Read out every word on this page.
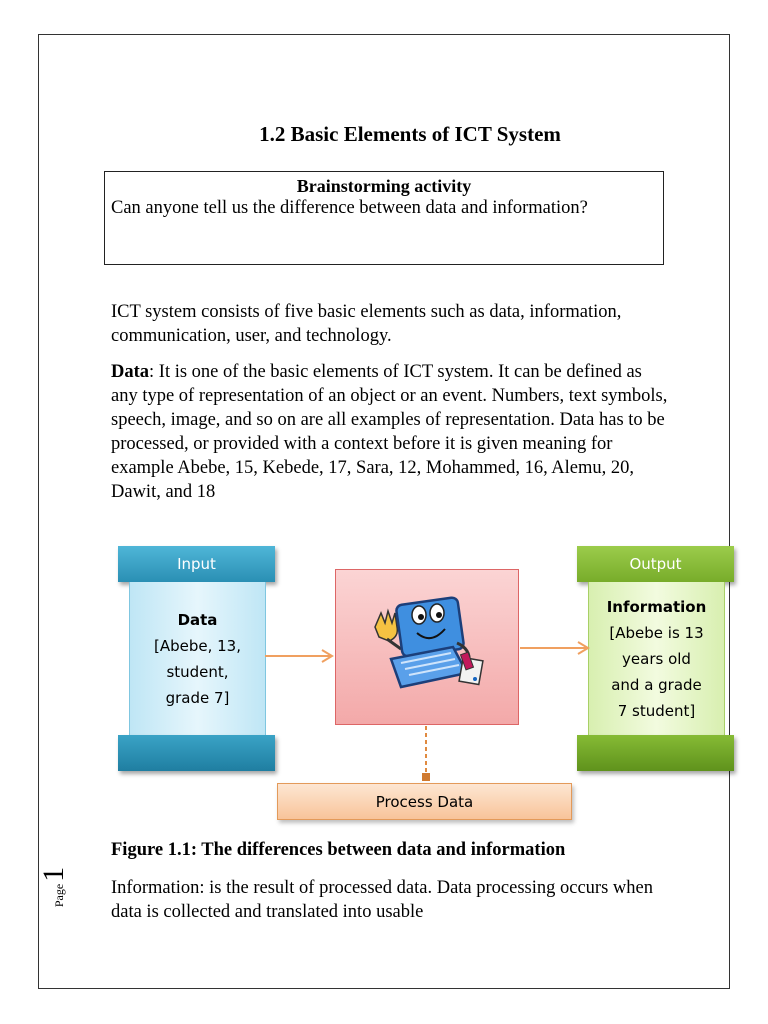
1.2 Basic Elements of ICT System
Brainstorming activity
Can anyone tell us the difference between data and information?

ICT system consists of five basic elements such as data, information, communication, user, and technology.

Data: It is one of the basic elements of ICT system. It can be defined as any type of representation of an object or an event. Numbers, text symbols, speech, image, and so on are all examples of representation. Data has to be processed, or provided with a context before it is given meaning for example Abebe, 15, Kebede, 17, Sara, 12, Mohammed, 16, Alemu, 20, Dawit, and 18

Input
Data
[Abebe, 13,
student,
grade 7]
Output
Information
[Abebe is 13
years old
and a grade
7 student]
Process Data

Figure 1.1: The differences between data and information

Information: is the result of processed data. Data processing occurs when data is collected and translated into usable

Page
1
